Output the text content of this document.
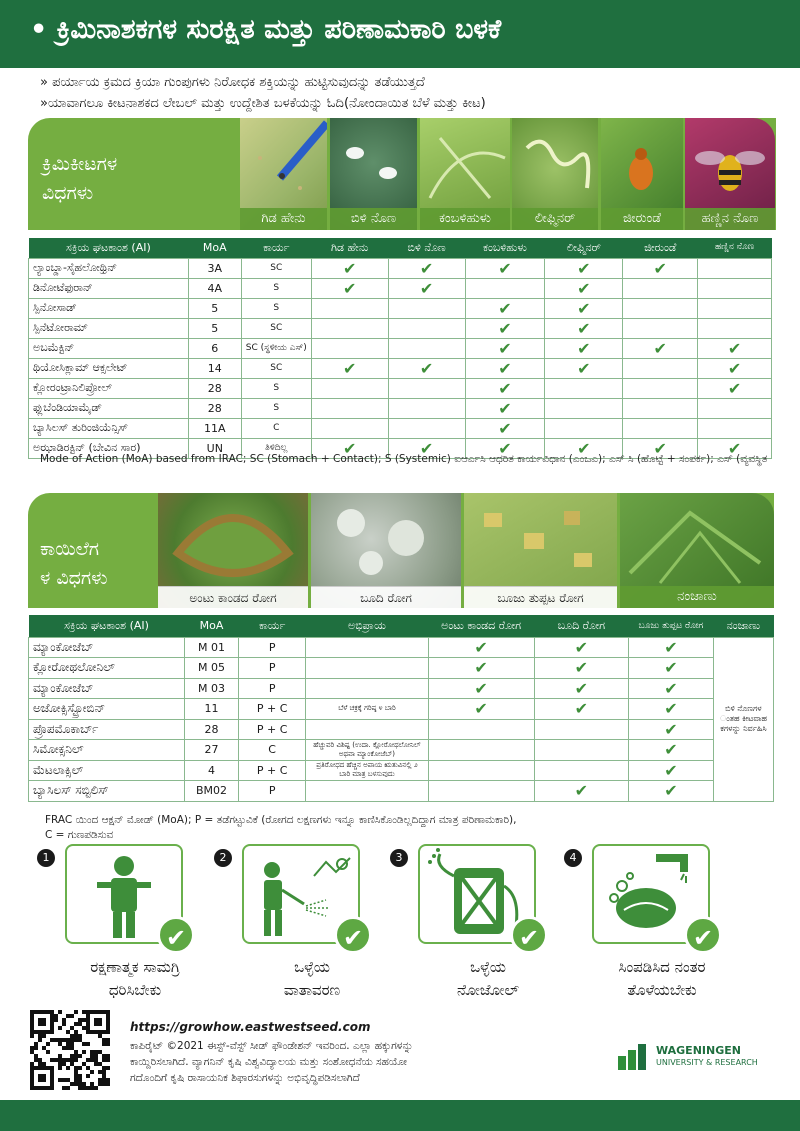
• ಕ್ರಿಮಿನಾಶಕಗಳ ಸುರಕ್ಷಿತ ಮತ್ತು ಪರಿಣಾಮಕಾರಿ ಬಳಕೆ
» ಪರ್ಯಾಯ ಕ್ರಮದ ಕ್ರಿಯಾ ಗುಂಪುಗಳು ನಿರೋಧಕ ಶಕ್ತಿಯನ್ನು ಹುಟ್ಟಿಸುವುದನ್ನು ತಡೆಯುತ್ತದೆ
»ಯಾವಾಗಲೂ ಕೀಟನಾಶಕದ ಲೇಬಲ್ ಮತ್ತು ಉದ್ದೇಶಿತ ಬಳಕೆಯನ್ನು ಓದಿ(ನೋಂದಾಯಿತ ಬೆಳೆ ಮತ್ತು ಕೀಟ)
ಕ್ರಿಮಿಕೀಟಗಳ
ವಿಧಗಳು
ಗಿಡ ಹೇನು	ಬಿಳಿ ನೊಣ	ಕಂಬಳಿಹುಳು	ಲೀಫ್ಮಿನರ್	ಜೀರುಂಡೆ	ಹಣ್ಣಿನ ನೊಣ
ಸಕ್ರಿಯ ಘಟಕಾಂಶ (AI)	MoA	ಕಾರ್ಯ	ಗಿಡ ಹೇನು	ಬಿಳಿ ನೊಣ	ಕಂಬಳಿಹುಳು	ಲೀಫ್ಮಿನರ್	ಜೀರುಂಡೆ	ಹಣ್ಣಿನ ನೊಣ
ಲ್ಯಾಂಬ್ಡಾ-ಸೈಹಲೋಥ್ರಿನ್	3A	SC	✔	✔	✔	✔	✔	
ಡಿನೋಟೆಫುರಾನ್	4A	S	✔	✔		✔		
ಸ್ಪಿನೋಸಾಡ್	5	S			✔	✔		
ಸ್ಪಿನೆಟೋರಾಮ್	5	SC			✔	✔		
ಅಬಮೆಕ್ಟಿನ್	6	SC (ಸ್ಥಳೀಯ ಎಸ್)			✔	✔	✔	✔
ಥಿಯೋಸಿಕ್ಲಾಮ್ ಆಕ್ಸಲೇಟ್	14	SC	✔	✔	✔	✔		✔
ಕ್ಲೋರಂಟ್ರಾನಿಲಿಪ್ರೋಲ್	28	S			✔			✔
ಫ್ಲುಬೆಂಡಿಯಾಮೈಡ್	28	S			✔			
ಬ್ಯಾಸಿಲಸ್ ತುರಿಂಜಿಯೆನ್ಸಿಸ್	11A	C			✔			
ಅಝಾಡಿರಕ್ಟಿನ್ (ಬೇವಿನ ಸಾರ)	UN	ತಿಳಿದಿಲ್ಲ	✔	✔	✔	✔	✔	✔
Mode of Action (MoA) based from IRAC; SC (Stomach + Contact); S (Systemic) ಐಆರ್ಎಸಿ ಆಧರಿತ ಕಾರ್ಯವಿಧಾನ (ಎಂಒಎ); ಎಸ್ ಸಿ (ಹೊಟ್ಟೆ + ಸಂಪರ್ಕ); ಎಸ್ (ವ್ಯವಸ್ಥಿತ
ಕಾಯಿಲೆಗ
ಳ ವಿಧಗಳು
ಅಂಟು ಕಾಂಡದ ರೋಗ	ಬೂದಿ ರೋಗ	ಬೂಜು ತುಪ್ಪಟ ರೋಗ	ನಂಜಾಣು
ಸಕ್ರಿಯ ಘಟಕಾಂಶ (AI)	MoA	ಕಾರ್ಯ	ಅಭಿಪ್ರಾಯ	ಅಂಟು ಕಾಂಡದ ರೋಗ	ಬೂದಿ ರೋಗ	ಬೂಜು ತುಪ್ಪಟ ರೋಗ	ನಂಜಾಣು
ಮ್ಯಾಂಕೋಜೆಬ್	M 01	P		✔	✔	✔	ಬಿಳಿ ನೊಣಗಳ ಂತಹ ಕೀಟವಾಹ ಕಗಳನ್ನು ನಿರ್ವಹಿಸಿ
ಕ್ಲೋರೋಥಲೋನಿಲ್	M 05	P		✔	✔	✔	
ಮ್ಯಾಂಕೋಜೆಬ್	M 03	P		✔	✔	✔	
ಅಜೋಕ್ಸಿಸ್ಟ್ರೋಬಿನ್	11	P + C	ಬೆಳೆ ಚಕ್ರಕ್ಕೆ ಗರಿಷ್ಠ ೪ ಬಾರಿ	✔	✔	✔	
ಪ್ರೊಪಮೊಕಾರ್ಬ್	28	P + C				✔	
ಸಿಮೋಕ್ಸನಿಲ್	27	C	ಹೆಚ್ಚುವರಿ ವಿಶಿಷ್ಟ (ಉದಾ. ಕ್ಲೋರೋಥಲೋನಿಲ್ ಅಥವಾ ಮ್ಯಾಂಕೋಜೆಬ್)			✔	
ಮೆಟಲಾಕ್ಸಿಲ್	4	P + C	ಪ್ರತಿರೋಧದ ಹೆಚ್ಚಿನ ಅಪಾಯ ಋತುವಿನಲ್ಲಿ ೨ ಬಾರಿ ಮಾತ್ರ ಬಳಸುವುದು			✔	
ಬ್ಯಾಸಿಲಸ್ ಸಬ್ಟಿಲಿಸ್	BM02	P			✔	✔	
FRAC ಯಿಂದ ಆಕ್ಷನ್ ಮೋಡ್ (MoA); P = ತಡೆಗಟ್ಟುವಿಕೆ (ರೋಗದ ಲಕ್ಷಣಗಳು ಇನ್ನೂ ಕಾಣಿಸಿಕೊಂಡಿಲ್ಲದಿದ್ದಾಗ ಮಾತ್ರ ಪರಿಣಾಮಕಾರಿ),
C = ಗುಣಪಡಿಸುವ
1
✔
ರಕ್ಷಣಾತ್ಮಕ ಸಾಮಗ್ರಿ
ಧರಿಸಿಬೇಕು
2
✔
ಒಳ್ಳೆಯ
ವಾತಾವರಣ
3
✔
ಒಳ್ಳೆಯ
ನೋಜೋಲ್
4
✔
ಸಿಂಪಡಿಸಿದ ನಂತರ
ತೊಳೆಯಬೇಕು
https://growhow.eastwestseed.com
ಕಾಪಿರೈಟ್ ©2021 ಈಸ್ಟ್-ವೆಸ್ಟ್ ಸೀಡ್ ಫೌಂಡೇಶನ್ ಇವರಿಂದ. ಎಲ್ಲಾ ಹಕ್ಕುಗಳನ್ನು
ಕಾಯ್ದಿರಿಸಲಾಗಿದೆ. ವ್ಯಾಗನಿನ್ ಕೃಷಿ ವಿಶ್ವವಿದ್ಯಾಲಯ ಮತ್ತು ಸಂಶೋಧನೆಯ ಸಹಯೋ
ಗದೊಂದಿಗೆ ಕೃಷಿ ರಾಸಾಯನಿಕ ಶಿಫಾರಸುಗಳನ್ನು ಅಭಿವೃದ್ಧಿಪಡಿಸಲಾಗಿದೆ
WAGENINGEN
UNIVERSITY & RESEARCH
